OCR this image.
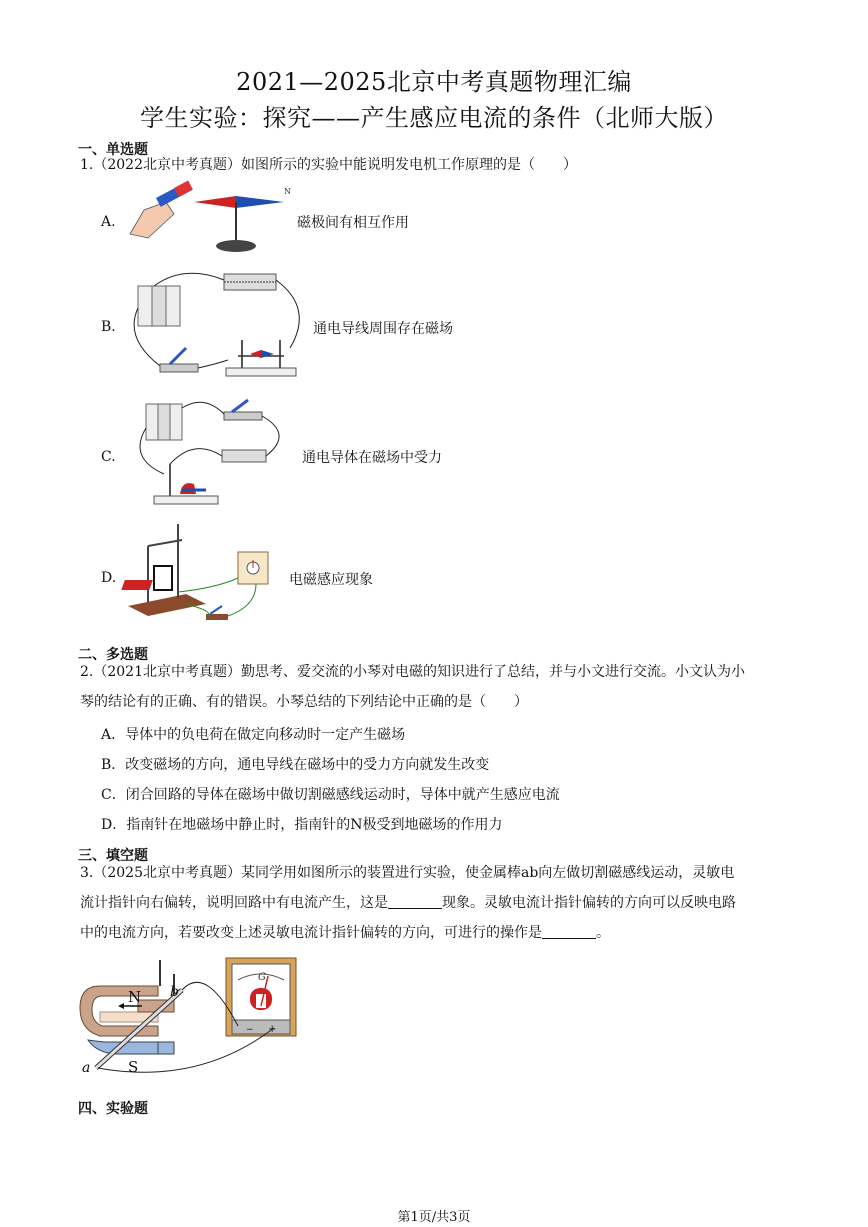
2021—2025北京中考真题物理汇编
学生实验：探究——产生感应电流的条件（北师大版）
一、单选题
1.（2022北京中考真题）如图所示的实验中能说明发电机工作原理的是（　　）
A.
N
磁极间有相互作用
B.	通电导线周围存在磁场
C.	通电导体在磁场中受力
D.	电磁感应现象
二、多选题
2.（2021北京中考真题）勤思考、爱交流的小琴对电磁的知识进行了总结，并与小文进行交流。小文认为小
琴的结论有的正确、有的错误。小琴总结的下列结论中正确的是（　　）
A．导体中的负电荷在做定向移动时一定产生磁场
B．改变磁场的方向，通电导线在磁场中的受力方向就发生改变
C．闭合回路的导体在磁场中做切割磁感线运动时，导体中就产生感应电流
D．指南针在地磁场中静止时，指南针的N极受到地磁场的作用力
三、填空题
3.（2025北京中考真题）某同学用如图所示的装置进行实验，使金属棒ab向左做切割磁感线运动，灵敏电
流计指针向右偏转，说明回路中有电流产生，这是	现象。灵敏电流计指针偏转的方向可以反映电路
中的电流方向，若要改变上述灵敏电流计指针偏转的方向，可进行的操作是	。
G
+
−
N
S
a
b
四、实验题
第1页/共3页
